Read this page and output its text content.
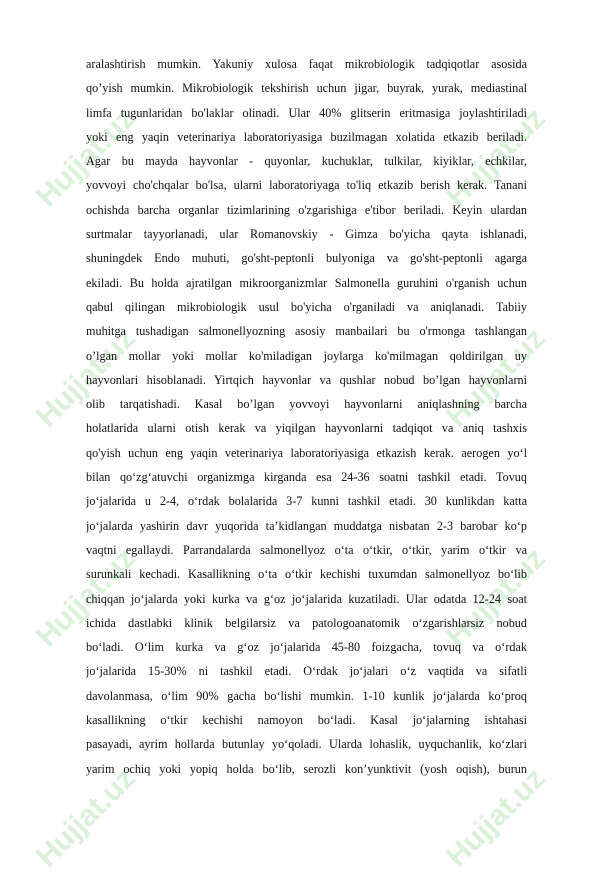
Hujjat.uz
Hujjat.uz
Hujjat.uz
Hujjat.uz
Hujjat.uz
Hujjat.uz
Hujjat.uz
Hujjat.uz
aralashtirish mumkin. Yakuniy xulosa faqat mikrobiologik tadqiqotlar asosida
qo’yish mumkin. Mikrobiologik tekshirish uchun jigar, buyrak, yurak, mediastinal
limfa tugunlaridan bo'laklar olinadi. Ular 40% glitserin eritmasiga joylashtiriladi
yoki eng yaqin veterinariya laboratoriyasiga buzilmagan xolatida etkazib beriladi.
Agar bu mayda hayvonlar - quyonlar, kuchuklar, tulkilar, kiyiklar, echkilar,
yovvoyi cho'chqalar bo'lsa, ularni laboratoriyaga to'liq etkazib berish kerak. Tanani
ochishda barcha organlar tizimlarining o'zgarishiga e'tibor beriladi. Keyin ulardan
surtmalar tayyorlanadi, ular Romanovskiy - Gimza bo'yicha qayta ishlanadi,
shuningdek Endo muhuti, go'sht-peptonli bulyoniga va go'sht-peptonli agarga
ekiladi. Bu holda ajratilgan mikroorganizmlar Salmonella guruhini o'rganish uchun
qabul qilingan mikrobiologik usul bo'yicha o'rganiladi va aniqlanadi. Tabiiy
muhitga tushadigan salmonellyozning asosiy manbailari bu o'rmonga tashlangan
o’lgan mollar yoki mollar ko'miladigan joylarga ko'milmagan qoldirilgan uy
hayvonlari hisoblanadi. Yirtqich hayvonlar va qushlar nobud bo’lgan hayvonlarni
olib tarqatishadi. Kasal bo’lgan yovvoyi hayvonlarni aniqlashning barcha
holatlarida ularni otish kerak va yiqilgan hayvonlarni tadqiqot va aniq tashxis
qo'yish uchun eng yaqin veterinariya laboratoriyasiga etkazish kerak. aerogen yo‘l
bilan qo‘zg‘atuvchi organizmga kirganda esa 24-36 soatni tashkil etadi. Tovuq
jo‘jalarida u 2-4, o‘rdak bolalarida 3-7 kunni tashkil etadi. 30 kunlikdan katta
jo‘jalarda yashirin davr yuqorida ta’kidlangan muddatga nisbatan 2-3 barobar ko‘p
vaqtni egallaydi. Parrandalarda salmonellyoz o‘ta o‘tkir, o‘tkir, yarim o‘tkir va
surunkali kechadi. Kasallikning o‘ta o‘tkir kechishi tuxumdan salmonellyoz bo‘lib
chiqqan jo‘jalarda yoki kurka va g‘oz jo‘jalarida kuzatiladi. Ular odatda 12-24 soat
ichida dastlabki klinik belgilarsiz va patologoanatomik o‘zgarishlarsiz nobud
bo‘ladi. O‘lim kurka va g‘oz jo‘jalarida 45-80 foizgacha, tovuq va o‘rdak
jo‘jalarida 15-30% ni tashkil etadi. O‘rdak jo‘jalari o‘z vaqtida va sifatli
davolanmasa, o‘lim 90% gacha bo‘lishi mumkin. 1-10 kunlik jo‘jalarda ko‘proq
kasallikning o‘tkir kechishi namoyon bo‘ladi. Kasal jo‘jalarning ishtahasi
pasayadi, ayrim hollarda butunlay yo‘qoladi. Ularda lohaslik, uyquchanlik, ko‘zlari
yarim ochiq yoki yopiq holda bo‘lib, serozli kon’yunktivit (yosh oqish), burun
